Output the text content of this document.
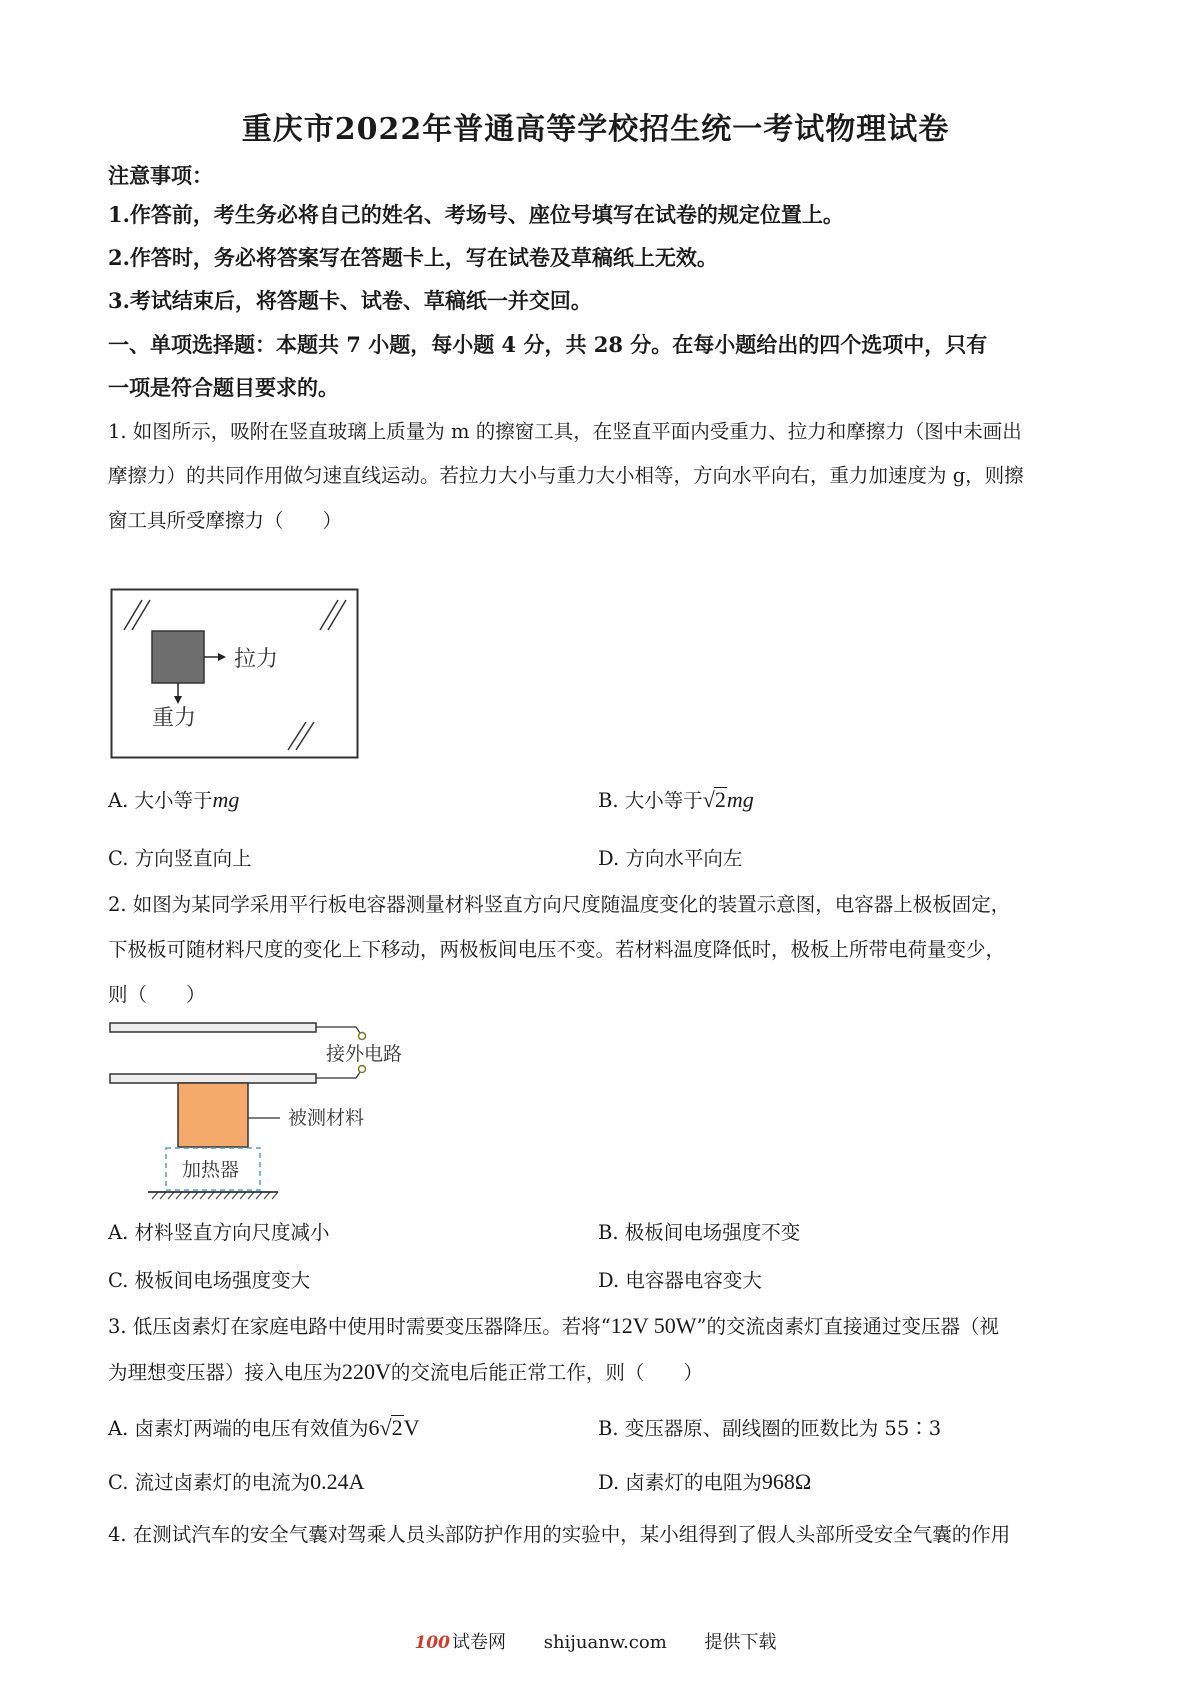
重庆市2022年普通高等学校招生统一考试物理试卷
注意事项：
1.作答前，考生务必将自己的姓名、考场号、座位号填写在试卷的规定位置上。
2.作答时，务必将答案写在答题卡上，写在试卷及草稿纸上无效。
3.考试结束后，将答题卡、试卷、草稿纸一并交回。
一、单项选择题：本题共 7 小题，每小题 4 分，共 28 分。在每小题给出的四个选项中，只有
一项是符合题目要求的。
1. 如图所示，吸附在竖直玻璃上质量为 m 的擦窗工具，在竖直平面内受重力、拉力和摩擦力（图中未画出
摩擦力）的共同作用做匀速直线运动。若拉力大小与重力大小相等，方向水平向右，重力加速度为 g，则擦
窗工具所受摩擦力（　　）
拉力
重力
A. 大小等于mg	B. 大小等于√2mg
C. 方向竖直向上	D. 方向水平向左
2. 如图为某同学采用平行板电容器测量材料竖直方向尺度随温度变化的装置示意图，电容器上极板固定，
下极板可随材料尺度的变化上下移动，两极板间电压不变。若材料温度降低时，极板上所带电荷量变少，
则（　　）
接外电路
被测材料
加热器
A. 材料竖直方向尺度减小	B. 极板间电场强度不变
C. 极板间电场强度变大	D. 电容器电容变大
3. 低压卤素灯在家庭电路中使用时需要变压器降压。若将“12V 50W”的交流卤素灯直接通过变压器（视
为理想变压器）接入电压为220V的交流电后能正常工作，则（　　）
A. 卤素灯两端的电压有效值为6√2V	B. 变压器原、副线圈的匝数比为 55∶3
C. 流过卤素灯的电流为0.24A	D. 卤素灯的电阻为968Ω
4. 在测试汽车的安全气囊对驾乘人员头部防护作用的实验中，某小组得到了假人头部所受安全气囊的作用
100 试卷网 shijuanw.com 提供下载
